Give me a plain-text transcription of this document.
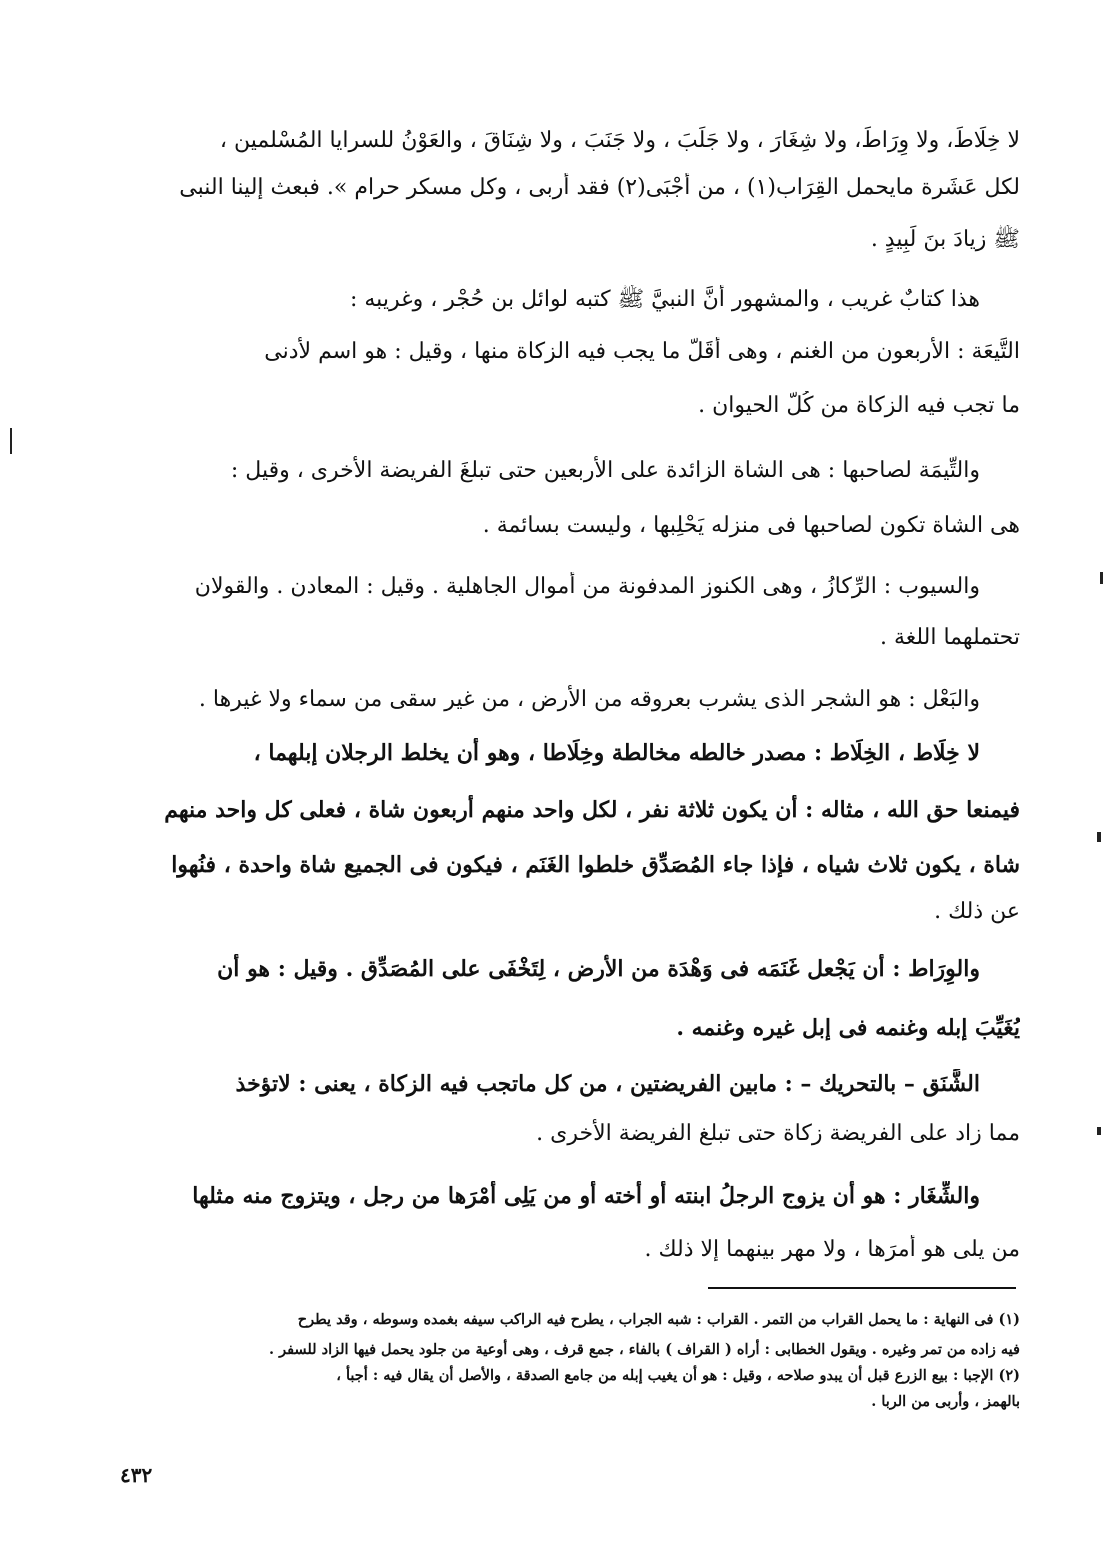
لا خِلَاطَ، ولا وِرَاطَ، ولا شِغَارَ ، ولا جَلَبَ ، ولا جَنَبَ ، ولا شِنَاقَ ، والعَوْنُ للسرايا المُسْلمين ،
لكل عَشَرة مايحمل القِرَاب(١) ، من أجْبَى(٢) فقد أربى ، وكل مسكر حرام ». فبعث إلينا النبى
ﷺ زيادَ بنَ لَبِيدٍ .
هذا كتابٌ غريب ، والمشهور أنَّ النبيَّ ﷺ كتبه لوائل بن حُجْر ، وغريبه :
التَّيعَة : الأربعون من الغنم ، وهى أقَلّ ما يجب فيه الزكاة منها ، وقيل : هو اسم لأدنى
ما تجب فيه الزكاة من كُلّ الحيوان .
والتِّيمَة لصاحبها : هى الشاة الزائدة على الأربعين حتى تبلغَ الفريضة الأخرى ، وقيل :
هى الشاة تكون لصاحبها فى منزله يَحْلِبها ، وليست بسائمة .
والسيوب : الرِّكازُ ، وهى الكنوز المدفونة من أموال الجاهلية . وقيل : المعادن . والقولان
تحتملهما اللغة .
والبَعْل : هو الشجر الذى يشرب بعروقه من الأرض ، من غير سقى من سماء ولا غيرها .
لا خِلَاط ، الخِلَاط : مصدر خالطه مخالطة وخِلَاطا ، وهو أن يخلط الرجلان إبلهما ،
فيمنعا حق الله ، مثاله : أن يكون ثلاثة نفر ، لكل واحد منهم أربعون شاة ، فعلى كل واحد منهم
شاة ، يكون ثلاث شياه ، فإذا جاء المُصَدِّق خلطوا الغَنَم ، فيكون فى الجميع شاة واحدة ، فنُهوا
عن ذلك .
والوِرَاط : أن يَجْعل غَنَمَه فى وَهْدَة من الأرض ، لِتَخْفَى على المُصَدِّق . وقيل : هو أن
يُغَيِّبَ إبله وغنمه فى إبل غيره وغنمه .
الشَّنَق – بالتحريك – : مابين الفريضتين ، من كل ماتجب فيه الزكاة ، يعنى : لاتؤخذ
مما زاد على الفريضة زكاة حتى تبلغ الفريضة الأخرى .
والشِّغَار : هو أن يزوج الرجلُ ابنته أو أخته أو من يَلِى أمْرَها من رجل ، ويتزوج منه مثلها
من يلى هو أمرَها ، ولا مهر بينهما إلا ذلك .
(١) فى النهاية : ما يحمل القراب من التمر . القراب : شبه الجراب ، يطرح فيه الراكب سيفه بغمده وسوطه ، وقد يطرح
فيه زاده من تمر وغيره . ويقول الخطابى : أراه ( القراف ) بالفاء ، جمع قرف ، وهى أوعية من جلود يحمل فيها الزاد للسفر .
(٢) الإجبا : بيع الزرع قبل أن يبدو صلاحه ، وقيل : هو أن يغيب إبله من جامع الصدقة ، والأصل أن يقال فيه : أجبأ ،
بالهمز ، وأربى من الربا .
٤٣٢
